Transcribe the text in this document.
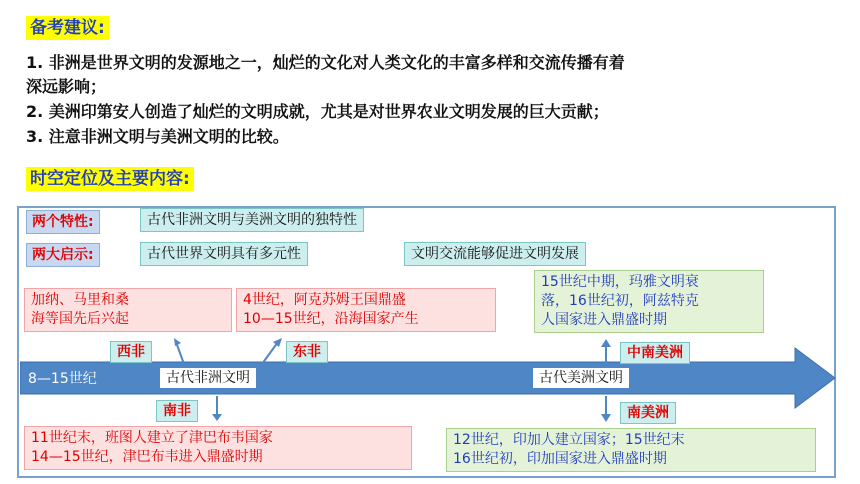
备考建议:
1. 非洲是世界文明的发源地之一，灿烂的文化对人类文化的丰富多样和交流传播有着
深远影响；
2. 美洲印第安人创造了灿烂的文明成就，尤其是对世界农业文明发展的巨大贡献；
3. 注意非洲文明与美洲文明的比较。
时空定位及主要内容:
两个特性:	古代非洲文明与美洲文明的独特性
两大启示:	古代世界文明具有多元性	文明交流能够促进文明发展
8—15世纪	古代非洲文明	古代美洲文明
加纳、马里和桑
海等国先后兴起
西非
4世纪，阿克苏姆王国鼎盛
10—15世纪，沿海国家产生
东非
南非
11世纪末，班图人建立了津巴布韦国家
14—15世纪，津巴布韦进入鼎盛时期
15世纪中期，玛雅文明衰
落，16世纪初，阿兹特克
人国家进入鼎盛时期
中南美洲
南美洲
12世纪，印加人建立国家；15世纪末
16世纪初，印加国家进入鼎盛时期
